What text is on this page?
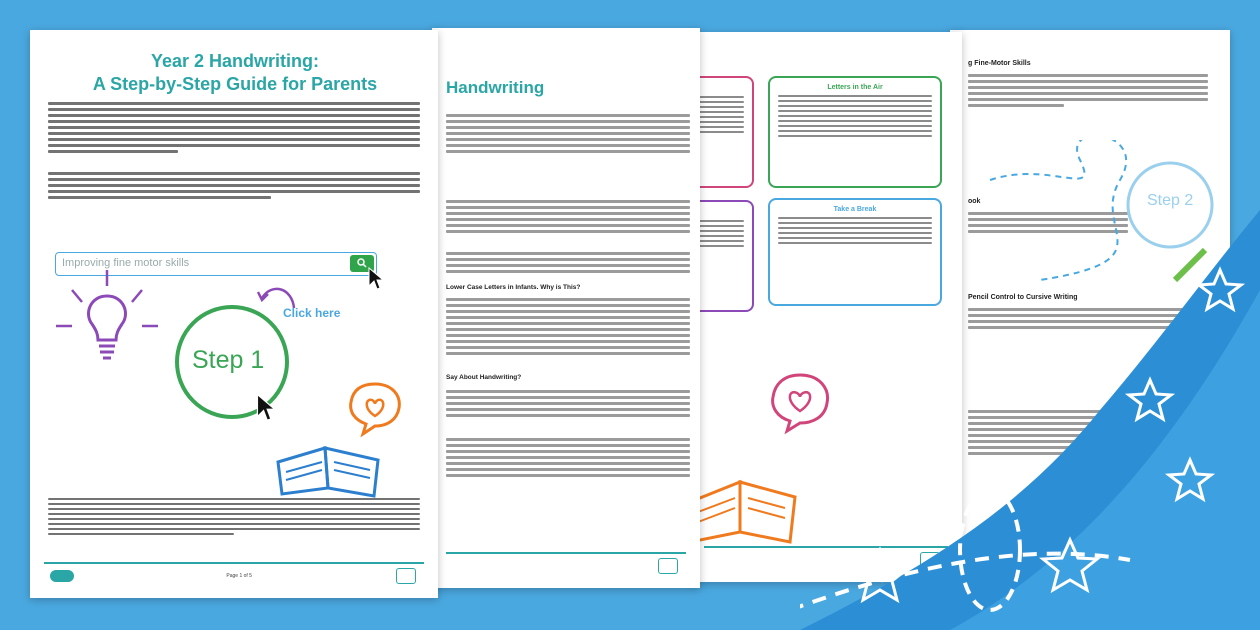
g Fine-Motor Skills
ook
Pencil Control to Cursive Writing
Step 2
Letters in the Air
Take a Break
Handwriting
Lower Case Letters in Infants. Why is This?
Say About Handwriting?
Year 2 Handwriting:
A Step-by-Step Guide for Parents
Improving fine motor skills
Step 1
Click here
Page 1 of 5
